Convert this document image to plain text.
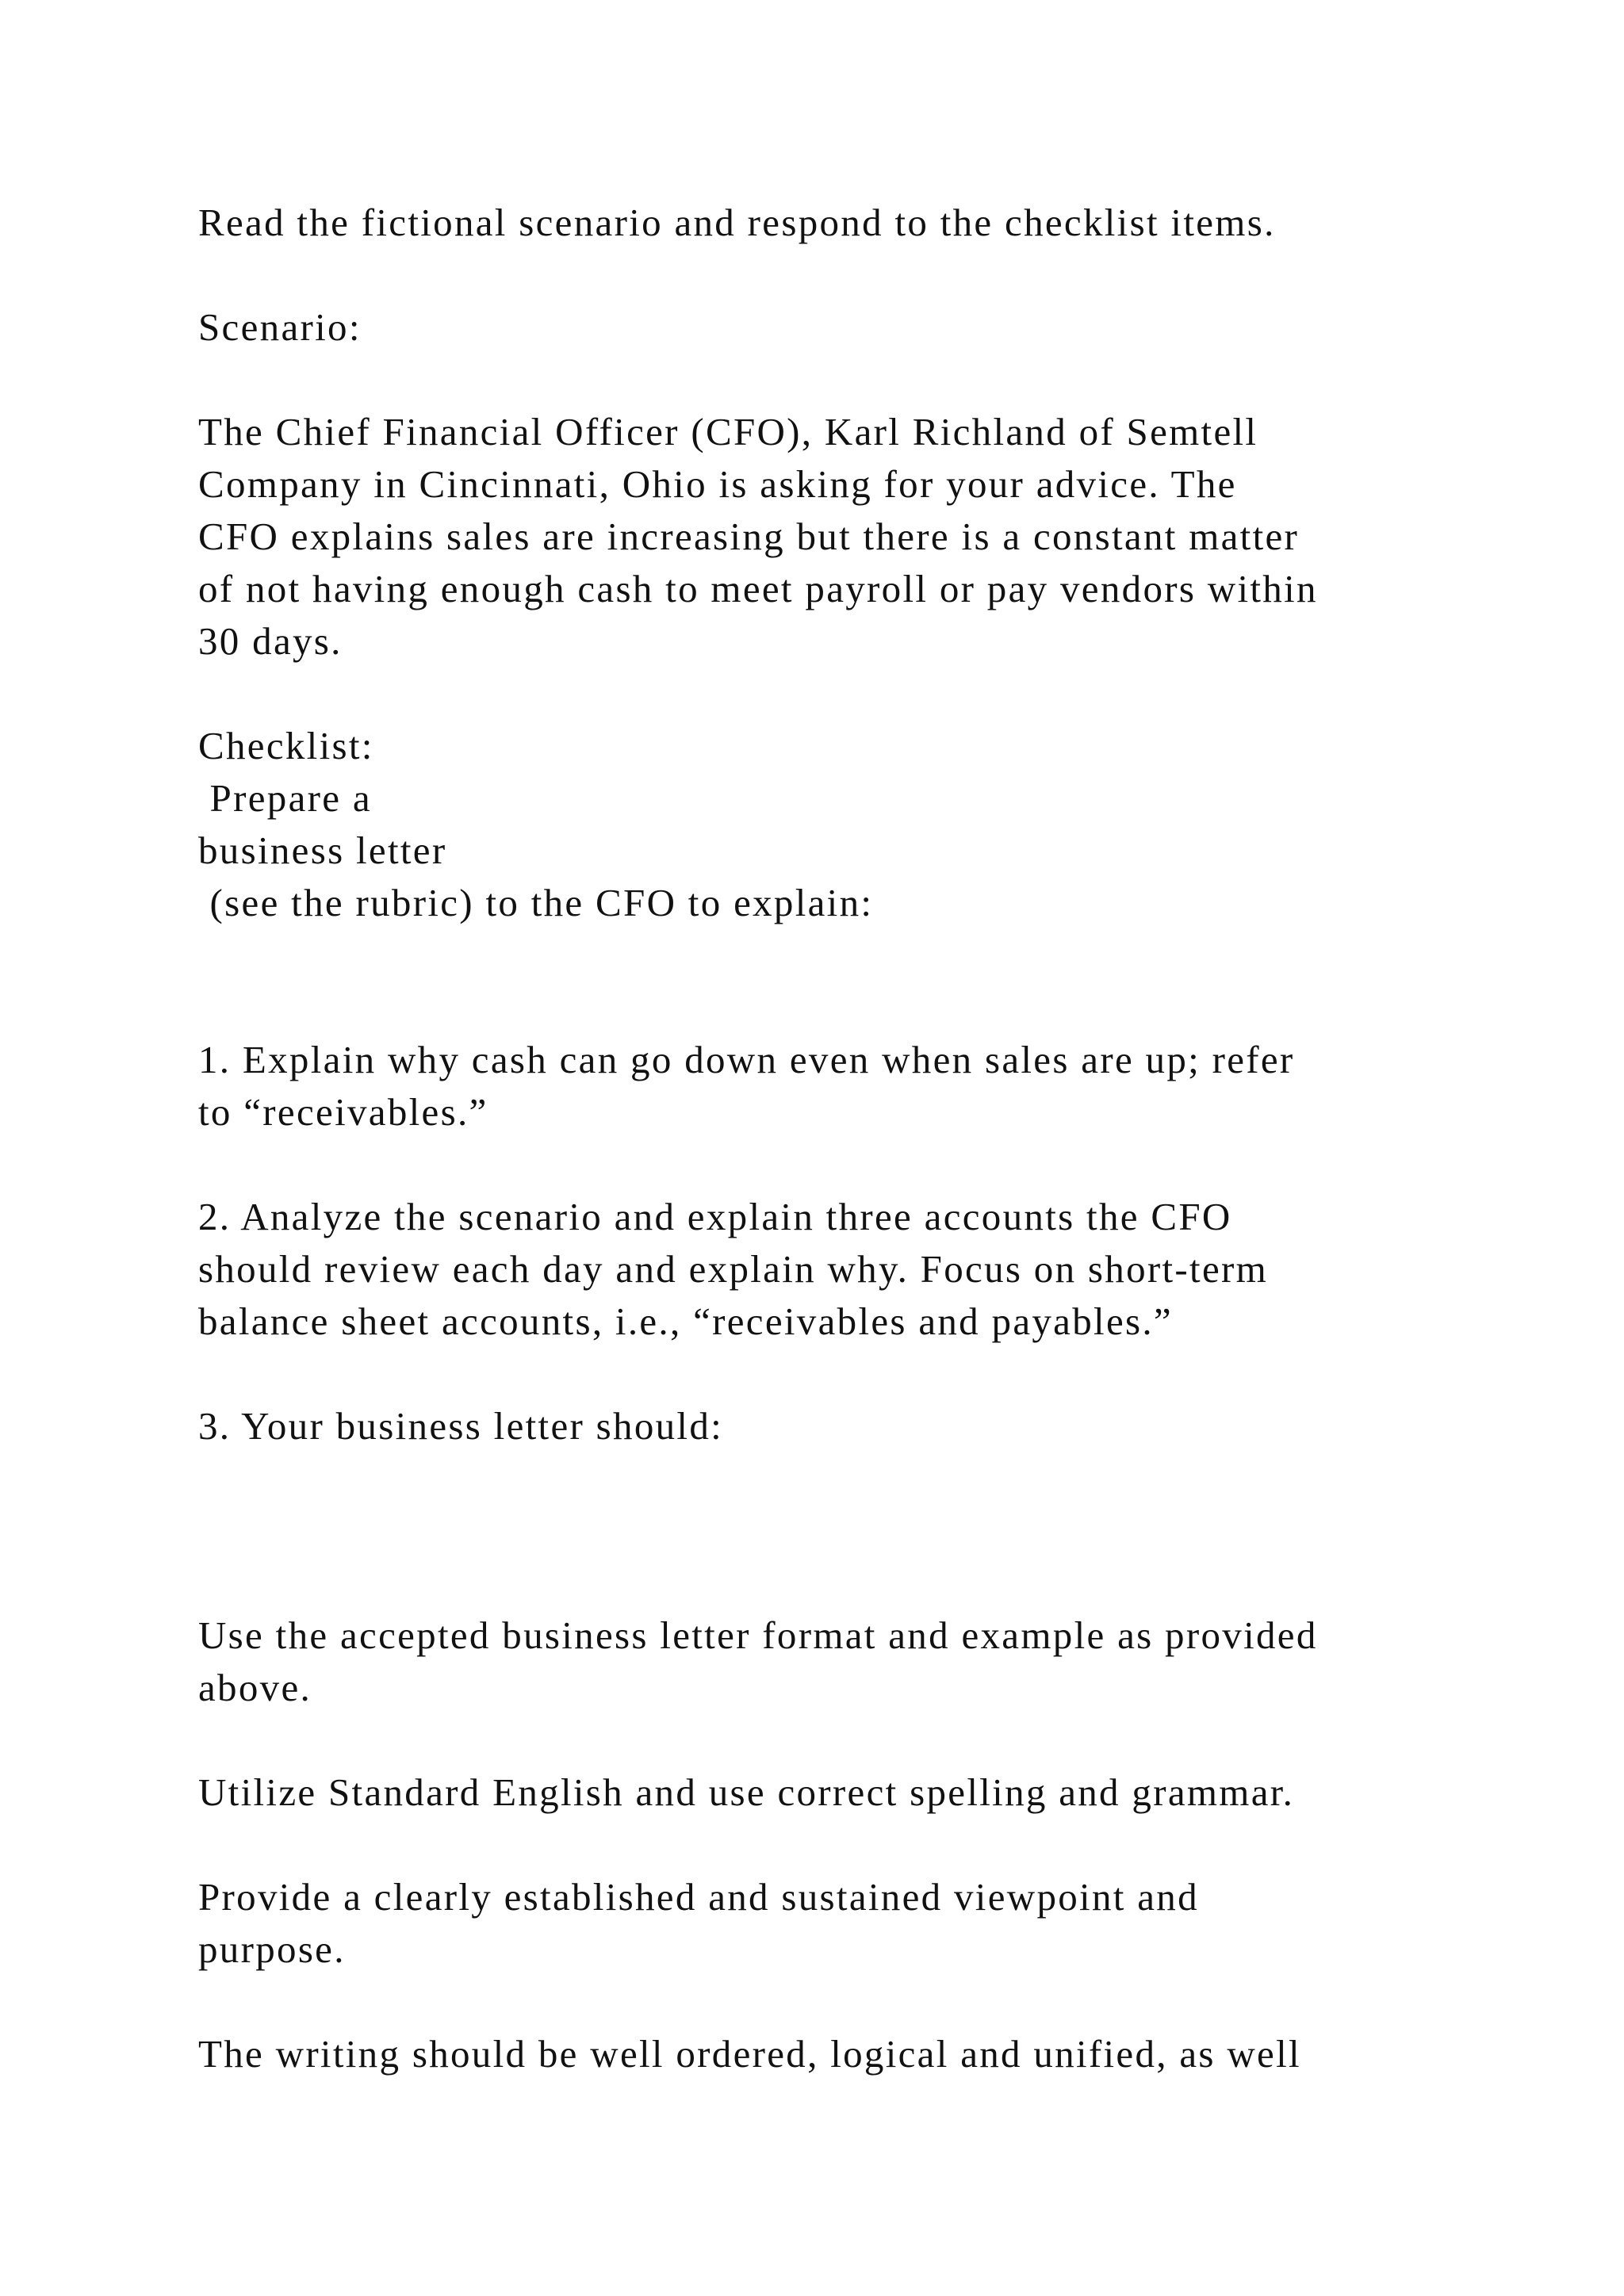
Read the fictional scenario and respond to the checklist items.

Scenario:

The Chief Financial Officer (CFO), Karl Richland of Semtell

Company in Cincinnati, Ohio is asking for your advice. The

CFO explains sales are increasing but there is a constant matter

of not having enough cash to meet payroll or pay vendors within

30 days.

Checklist:

Prepare a

business letter

(see the rubric) to the CFO to explain:

1. Explain why cash can go down even when sales are up; refer

to “receivables.”

2. Analyze the scenario and explain three accounts the CFO

should review each day and explain why. Focus on short-term

balance sheet accounts, i.e., “receivables and payables.”

3. Your business letter should:

Use the accepted business letter format and example as provided

above.

Utilize Standard English and use correct spelling and grammar.

Provide a clearly established and sustained viewpoint and

purpose.

The writing should be well ordered, logical and unified, as well
